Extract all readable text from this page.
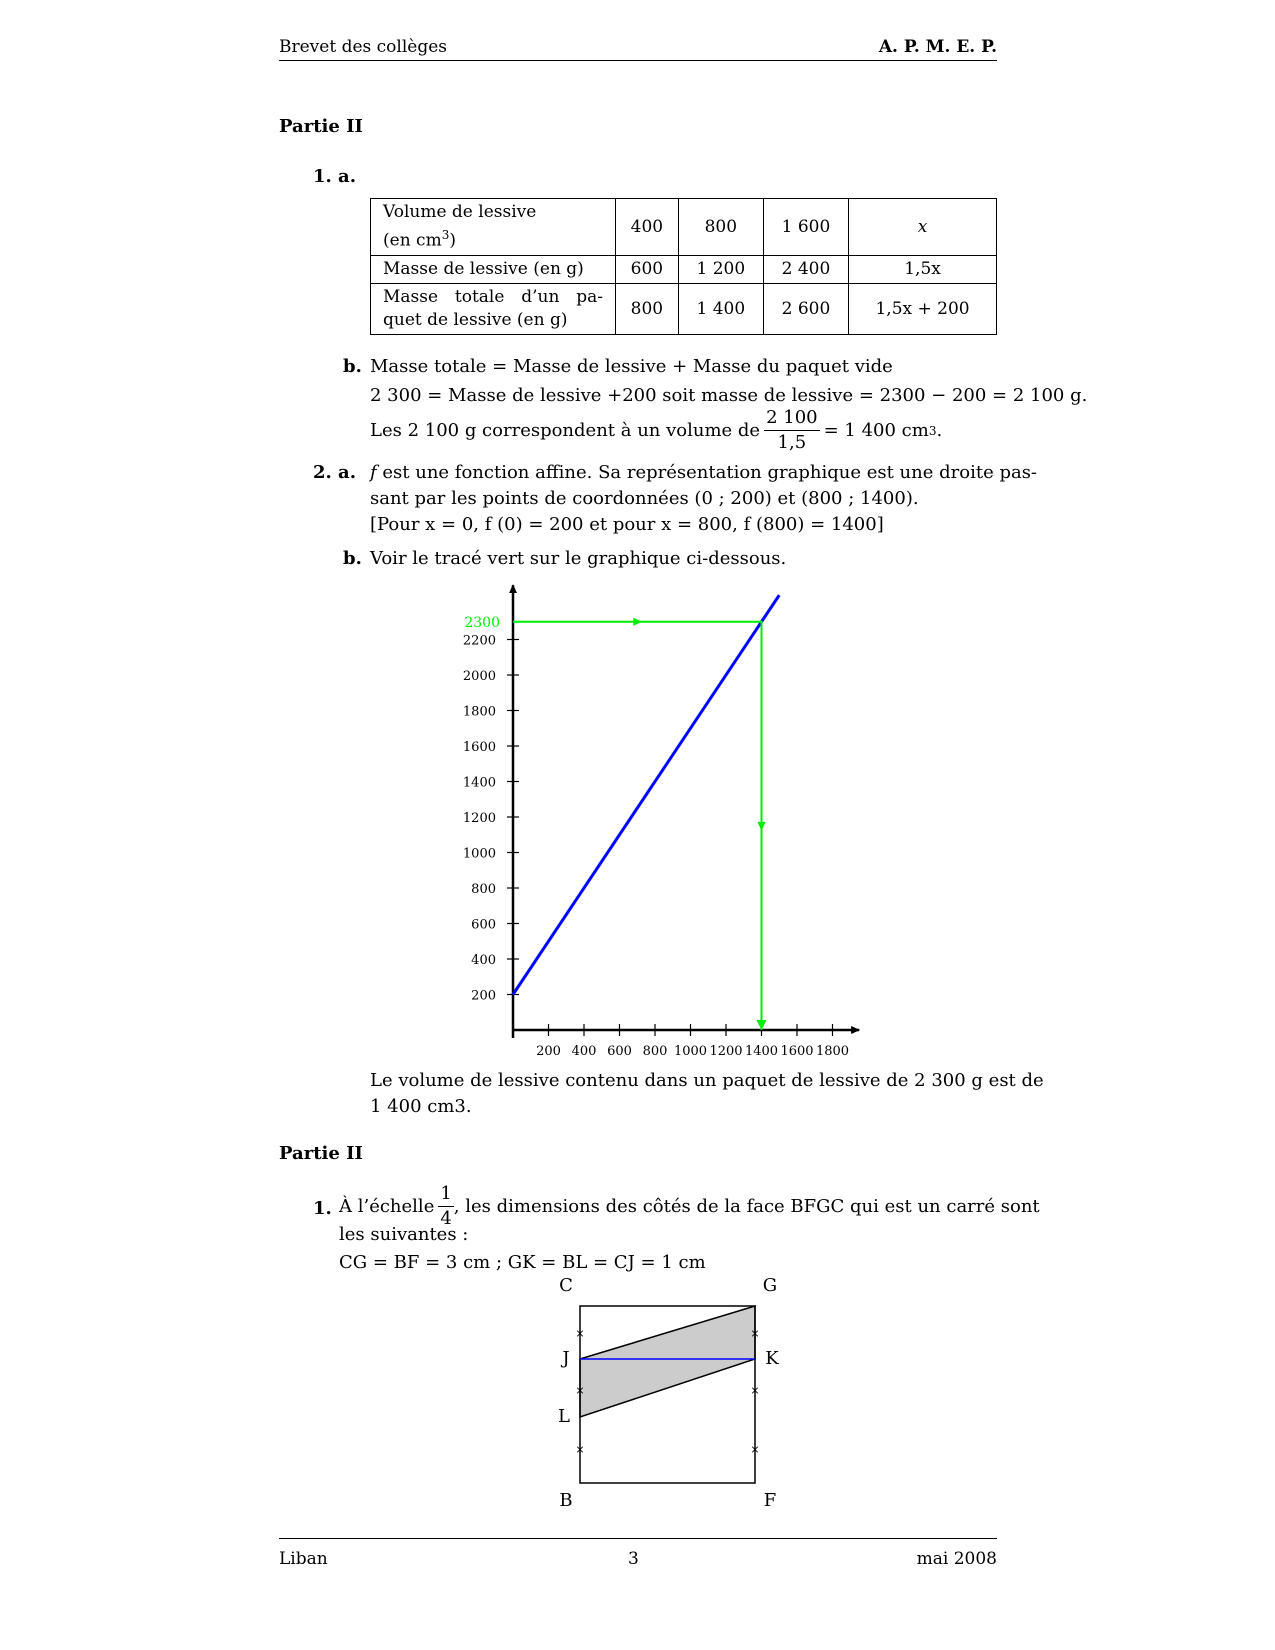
Brevet des collèges	A. P. M. E. P.
Partie II
1. a.
Volume de lessive
(en $cm^3$)	400	800	1 600	x
Masse de lessive (en g)	600	1 200	2 400	1,5x

Masse totale d’un pa-
quet de lessive (en g)	800	1 400	2 600	1,5x + 200
b. Masse totale = Masse de lessive + Masse du paquet vide
2 300 = Masse de lessive +200 soit masse de lessive = 2300 − 200 = 2 100 g.
Les 2 100 g correspondent à un volume de $\frac{2 100}{1,5} = 1$ 400 cm 3 .
2. a. f est une fonction affine. Sa représentation graphique est une droite pas-
sant par les points de coordonnées (0 ; 200) et (800 ; 1400).
[Pour x = 0, f (0) = 200 et pour x = 800, f (800) = 1400]
b. Voir le tracé vert sur le graphique ci-dessous.
200 400 600 800 1000 1200 1400 1600 1800
200
400
600
800
1000
1200
1400
1600
1800
2000
2200
2300
Le volume de lessive contenu dans un paquet de lessive de 2 300 g est de
1 400 cm3.
Partie II
1. À l’échelle $\frac{1}{4}$ , les dimensions des côtés de la face BFGC qui est un carré sont
les suivantes :
CG = BF = 3 cm ; GK = BL = CJ = 1 cm
×
×
×
×
×
×
C	G
J	K
L
B	F
Liban	3	mai 2008
